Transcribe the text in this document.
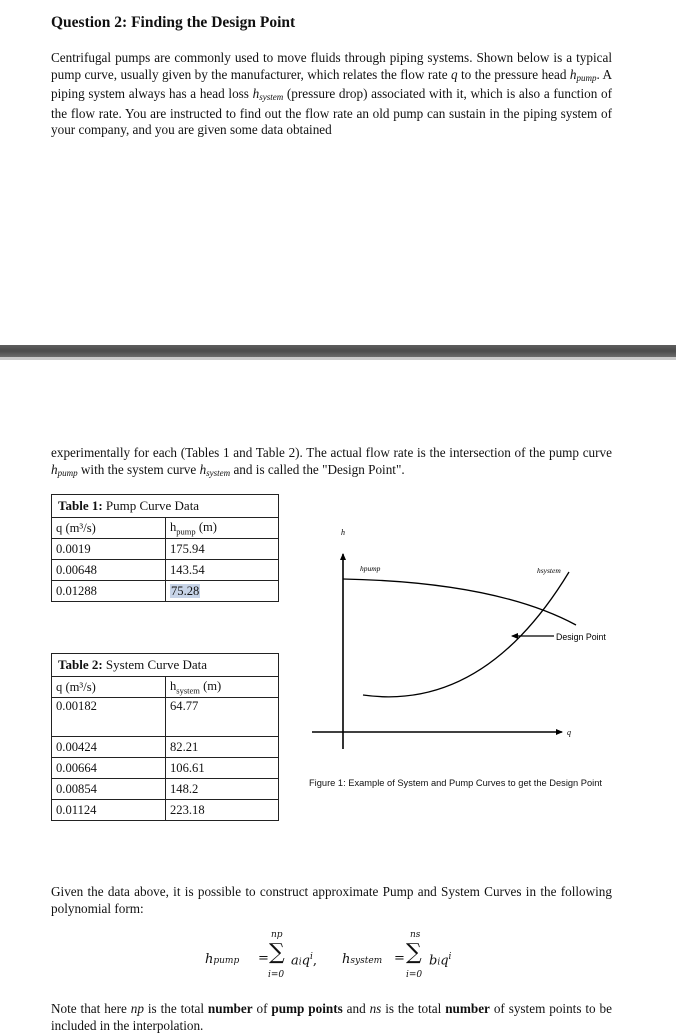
Question 2: Finding the Design Point

Centrifugal pumps are commonly used to move fluids through piping systems. Shown below is a typical pump curve, usually given by the manufacturer, which relates the flow rate q to the pressure head $h_{pump}$. A piping system always has a head loss $h_{system}$ (pressure drop) associated with it, which is also a function of the flow rate. You are instructed to find out the flow rate an old pump can sustain in the piping system of your company, and you are given some data obtained

experimentally for each (Tables 1 and Table 2). The actual flow rate is the intersection of the pump curve $h_{pump}$ with the system curve $h_{system}$ and is called the "Design Point".

Table 1: Pump Curve Data	
q (m³/s)	$h_{pump}$ (m)
0.0019	175.94
0.00648	143.54
0.01288	75.28
Table 2: System Curve Data	
q (m³/s)	$h_{system}$ (m)
0.00182	64.77
0.00424	82.21
0.00664	106.61
0.00854	148.2
0.01124	223.18
h
q
hpump	hsystem
Design Point
Figure 1: Example of System and Pump Curves to get the Design Point

Given the data above, it is possible to construct approximate Pump and System Curves in the following polynomial form:

hpump =
np
∑
i=0
aiq$^i$, hsystem =
ns
∑
i=0
biq$^i$

Note that here np is the total number of pump points and ns is the total number of system points to be included in the interpolation.
